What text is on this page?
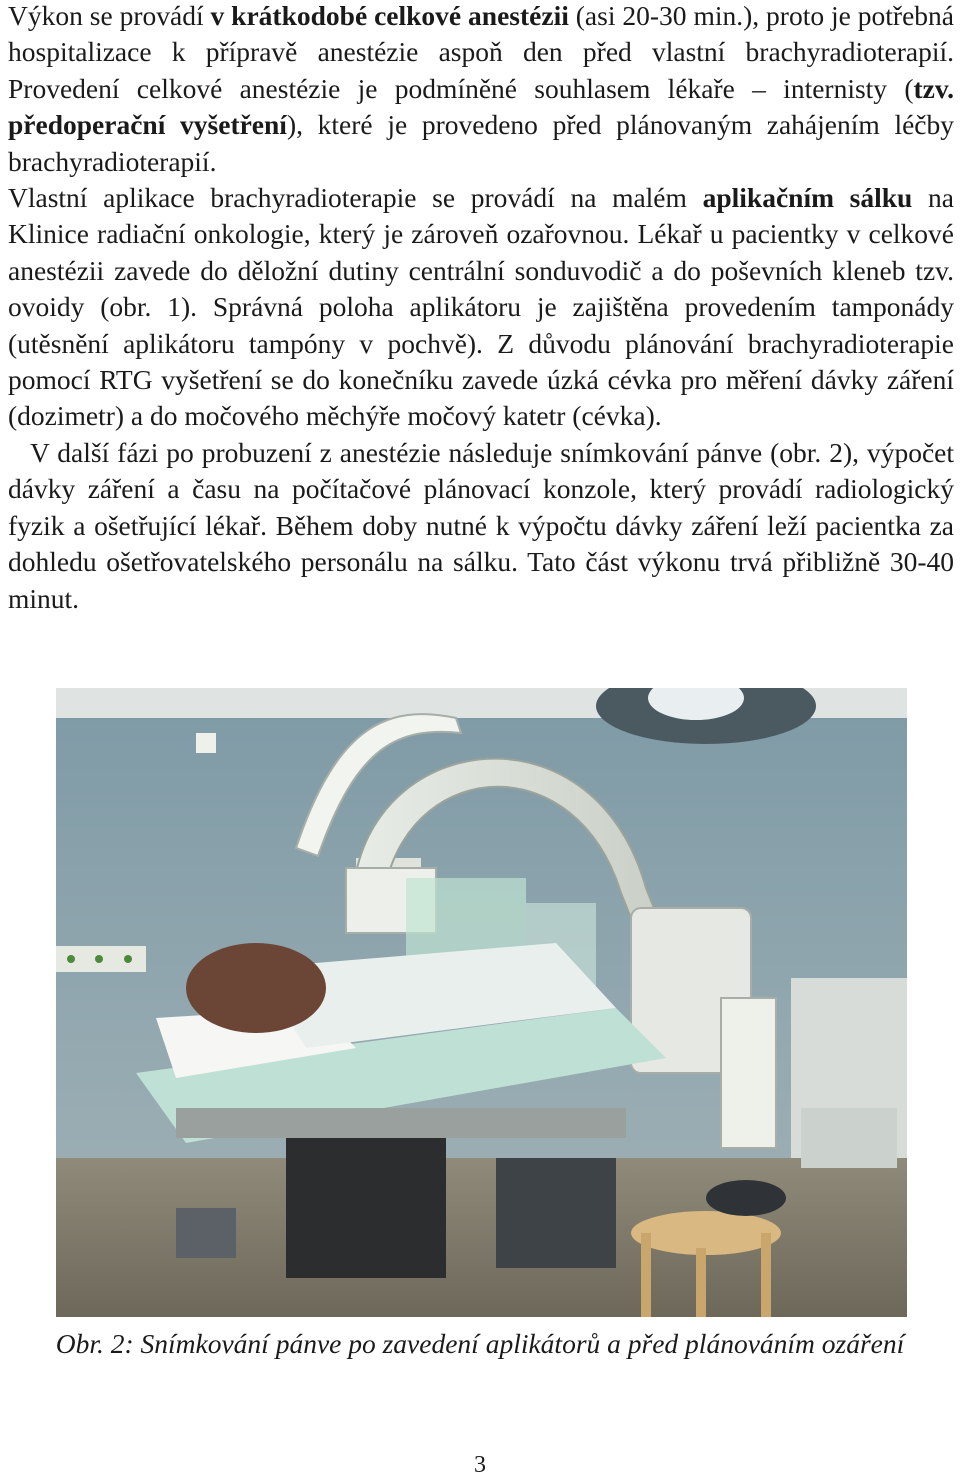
Výkon se provádí v krátkodobé celkové anestézii (asi 20-30 min.), proto je potřebná hospitalizace k přípravě anestézie aspoň den před vlastní brachyradioterapií. Provedení celkové anestézie je podmíněné souhlasem lékaře – internisty (tzv. předoperační vyšetření), které je provedeno před plánovaným zahájením léčby brachyradioterapií.

Vlastní aplikace brachyradioterapie se provádí na malém aplikačním sálku na Klinice radiační onkologie, který je zároveň ozařovnou. Lékař u pacientky v celkové anestézii zavede do děložní dutiny centrální sonduvodič a do poševních kleneb tzv. ovoidy (obr. 1). Správná poloha aplikátoru je zajištěna provedením tamponády (utěsnění aplikátoru tampóny v pochvě). Z důvodu plánování brachyradioterapie pomocí RTG vyšetření se do konečníku zavede úzká cévka pro měření dávky záření (dozimetr) a do močového měchýře močový katetr (cévka).

V další fázi po probuzení z anestézie následuje snímkování pánve (obr. 2), výpočet dávky záření a času na počítačové plánovací konzole, který provádí radiologický fyzik a ošetřující lékař. Během doby nutné k výpočtu dávky záření leží pacientka za dohledu ošetřovatelského personálu na sálku. Tato část výkonu trvá přibližně 30-40 minut.

Obr. 2: Snímkování pánve po zavedení aplikátorů a před plánováním ozáření
3
